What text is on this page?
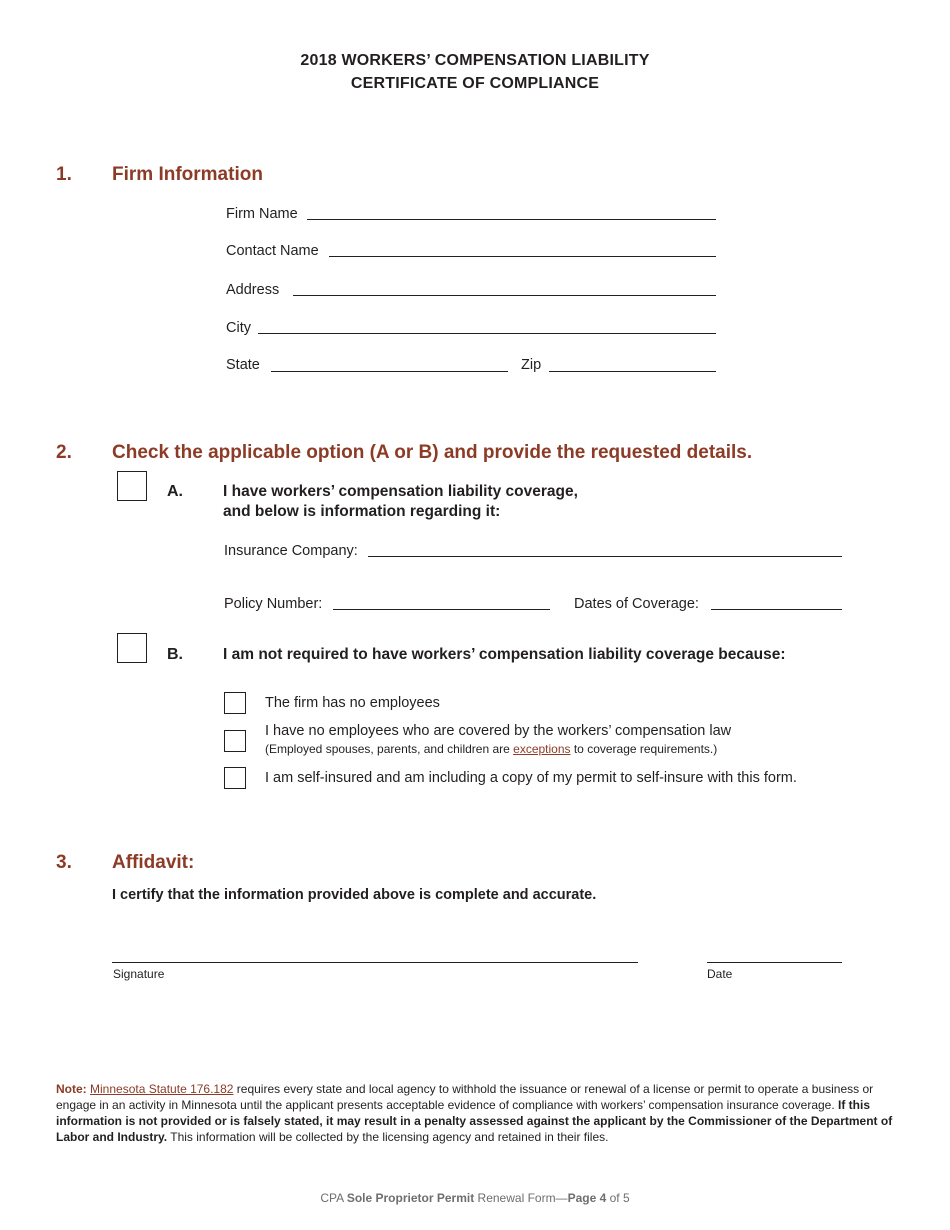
2018 WORKERS’ COMPENSATION LIABILITY
CERTIFICATE OF COMPLIANCE
1. Firm Information
Firm Name
Contact Name
Address
City
State	Zip
2. Check the applicable option (A or B) and provide the requested details.
A.	I have workers’ compensation liability coverage,
and below is information regarding it:
Insurance Company:
Policy Number:	Dates of Coverage:
B.	I am not required to have workers’ compensation liability coverage because:
The firm has no employees
I have no employees who are covered by the workers’ compensation law
(Employed spouses, parents, and children are exceptions to coverage requirements.)
I am self-insured and am including a copy of my permit to self-insure with this form.
3. Affidavit:
I certify that the information provided above is complete and accurate.
Signature	Date
Note: Minnesota Statute 176.182 requires every state and local agency to withhold the issuance or renewal of a license or permit to operate a business or engage in an activity in Minnesota until the applicant presents acceptable evidence of compliance with workers’ compensation insurance coverage. If this information is not provided or is falsely stated, it may result in a penalty assessed against the applicant by the Commissioner of the Department of Labor and Industry. This information will be collected by the licensing agency and retained in their files.
CPA Sole Proprietor Permit Renewal Form—Page 4 of 5
